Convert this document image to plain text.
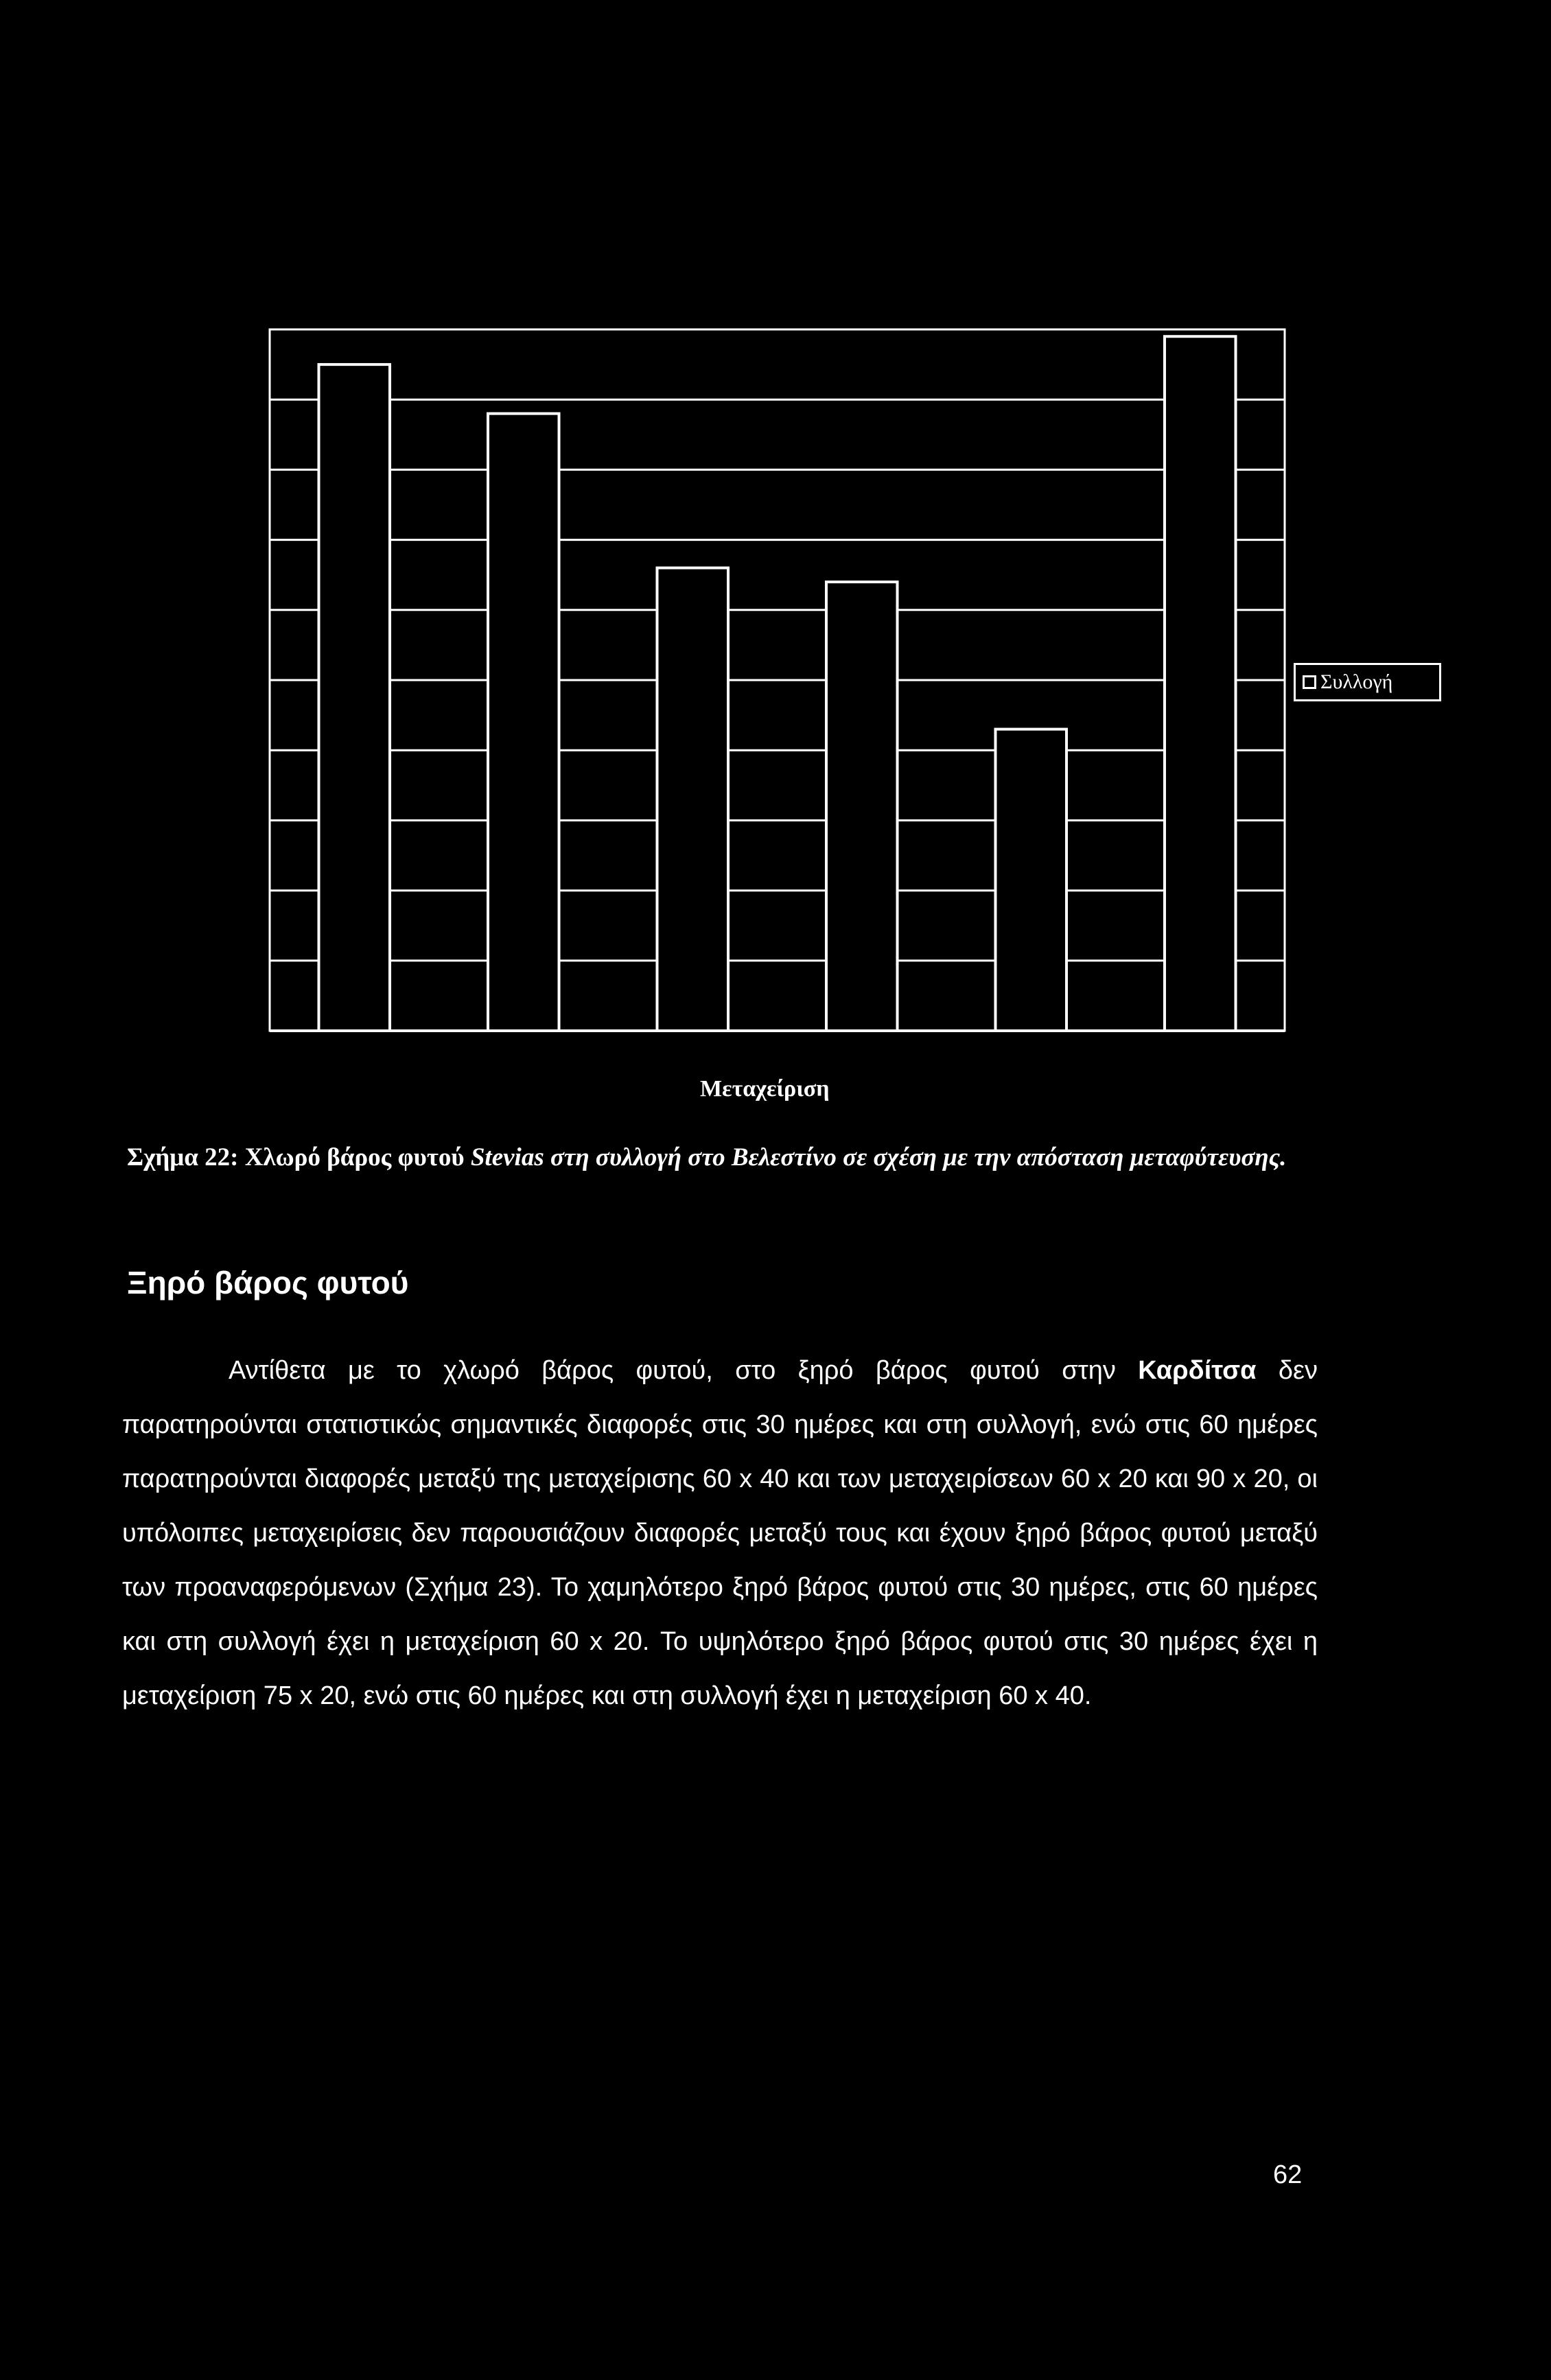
Συλλογή
Μεταχείριση
Σχήμα 22: Χλωρό βάρος φυτού Stevias στη συλλογή στο Βελεστίνο σε σχέση με την απόσταση μεταφύτευσης.
Ξηρό βάρος φυτού
Αντίθετα με το χλωρό βάρος φυτού, στο ξηρό βάρος φυτού στην Καρδίτσα δεν παρατηρούνται στατιστικώς σημαντικές διαφορές στις 30 ημέρες και στη συλλογή, ενώ στις 60 ημέρες παρατηρούνται διαφορές μεταξύ της μεταχείρισης 60 x 40 και των μεταχειρίσεων 60 x 20 και 90 x 20, οι υπόλοιπες μεταχειρίσεις δεν παρουσιάζουν διαφορές μεταξύ τους και έχουν ξηρό βάρος φυτού μεταξύ των προαναφερόμενων (Σχήμα 23). Το χαμηλότερο ξηρό βάρος φυτού στις 30 ημέρες, στις 60 ημέρες και στη συλλογή έχει η μεταχείριση 60 x 20. Το υψηλότερο ξηρό βάρος φυτού στις 30 ημέρες έχει η μεταχείριση 75 x 20, ενώ στις 60 ημέρες και στη συλλογή έχει η μεταχείριση 60 x 40.
62
